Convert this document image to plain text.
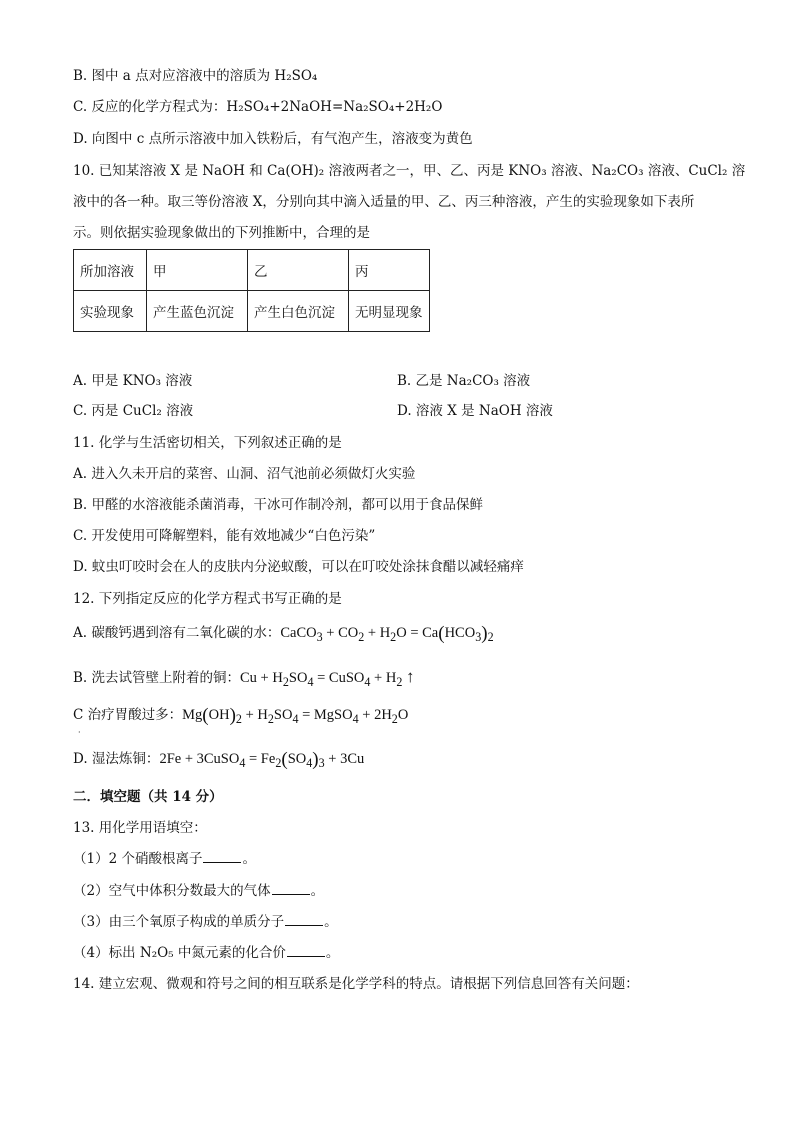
B. 图中 a 点对应溶液中的溶质为 H₂SO₄
C. 反应的化学方程式为：H₂SO₄+2NaOH=Na₂SO₄+2H₂O
D. 向图中 c 点所示溶液中加入铁粉后，有气泡产生，溶液变为黄色
10. 已知某溶液 X 是 NaOH 和 Ca(OH)₂ 溶液两者之一，甲、乙、丙是 KNO₃ 溶液、Na₂CO₃ 溶液、CuCl₂ 溶
液中的各一种。取三等份溶液 X，分别向其中滴入适量的甲、乙、丙三种溶液，产生的实验现象如下表所
示。则依据实验现象做出的下列推断中，合理的是
所加溶液	甲	乙	丙
实验现象	产生蓝色沉淀	产生白色沉淀	无明显现象
A. 甲是 KNO₃ 溶液	B. 乙是 Na₂CO₃ 溶液
C. 丙是 CuCl₂ 溶液	D. 溶液 X 是 NaOH 溶液
11. 化学与生活密切相关，下列叙述正确的是
A. 进入久未开启的菜窖、山洞、沼气池前必须做灯火实验
B. 甲醛的水溶液能杀菌消毒，干冰可作制冷剂，都可以用于食品保鲜
C. 开发使用可降解塑料，能有效地减少“白色污染”
D. 蚊虫叮咬时会在人的皮肤内分泌蚁酸，可以在叮咬处涂抹食醋以减轻痛痒
12. 下列指定反应的化学方程式书写正确的是
A. 碳酸钙遇到溶有二氧化碳的水：CaCO$_3$ + $CO_2 + H_2O = Ca(HCO_3)_2$
B. 洗去试管壁上附着的铜：$Cu + H_2SO_4$ = CuSO$_4$ + $H_2$ ↑
C 治疗胃酸过多：$Mg(OH)_2 + H_2SO_4$ = MgSO$_4$ + $2H_2O$
·
D. 湿法炼铜：2Fe + 3CuSO$_4$ = $Fe_2(SO_4)_3 + 3Cu$
二．填空题（共 14 分）
13. 用化学用语填空：
（1）2 个硝酸根离子	。
（2）空气中体积分数最大的气体	。
（3）由三个氧原子构成的单质分子	。
（4）标出 N₂O₅ 中氮元素的化合价	。
14. 建立宏观、微观和符号之间的相互联系是化学学科的特点。请根据下列信息回答有关问题：
